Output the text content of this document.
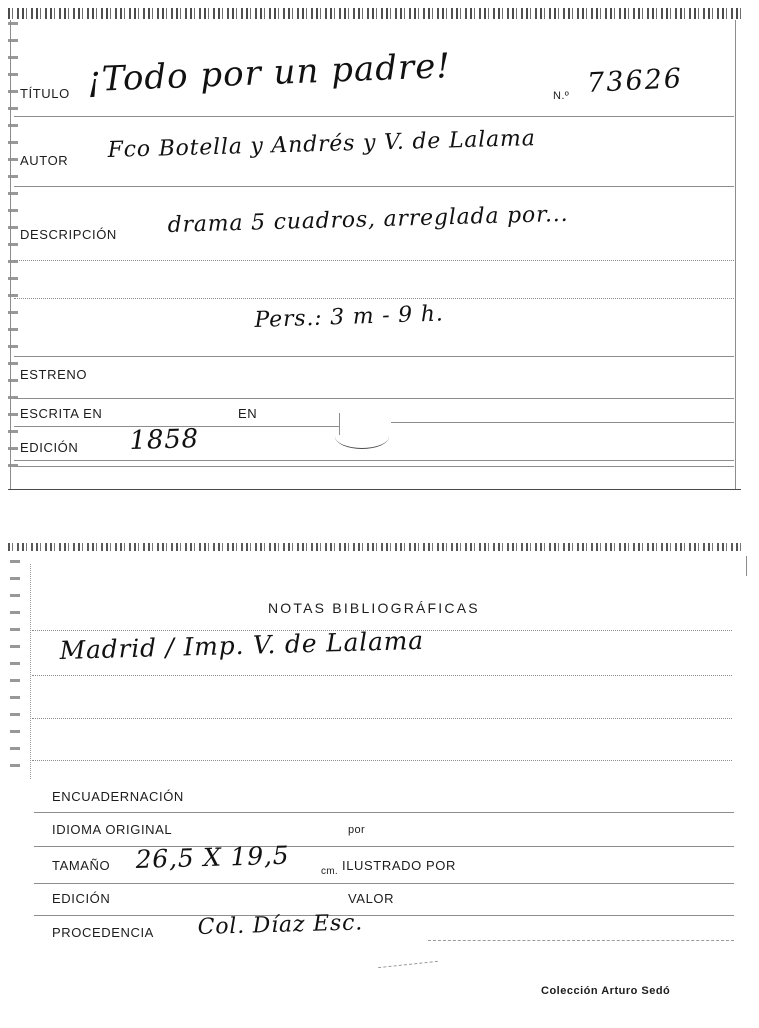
TÍTULO ¡Todo por un padre!	N.º 73626
AUTOR Fco Botella y Andrés y V. de Lalama
DESCRIPCIÓN drama 5 cuadros, arreglada por...
Pers.: 3 m - 9 h.
ESTRENO
ESCRITA EN	EN
EDICIÓN 1858
NOTAS BIBLIOGRÁFICAS
Madrid / Imp. V. de Lalama
ENCUADERNACIÓN
IDIOMA ORIGINAL	por
TAMAÑO 26,5 X 19,5	cm. ILUSTRADO POR
EDICIÓN	VALOR
PROCEDENCIA Col. Díaz Esc.
Colección Arturo Sedó
